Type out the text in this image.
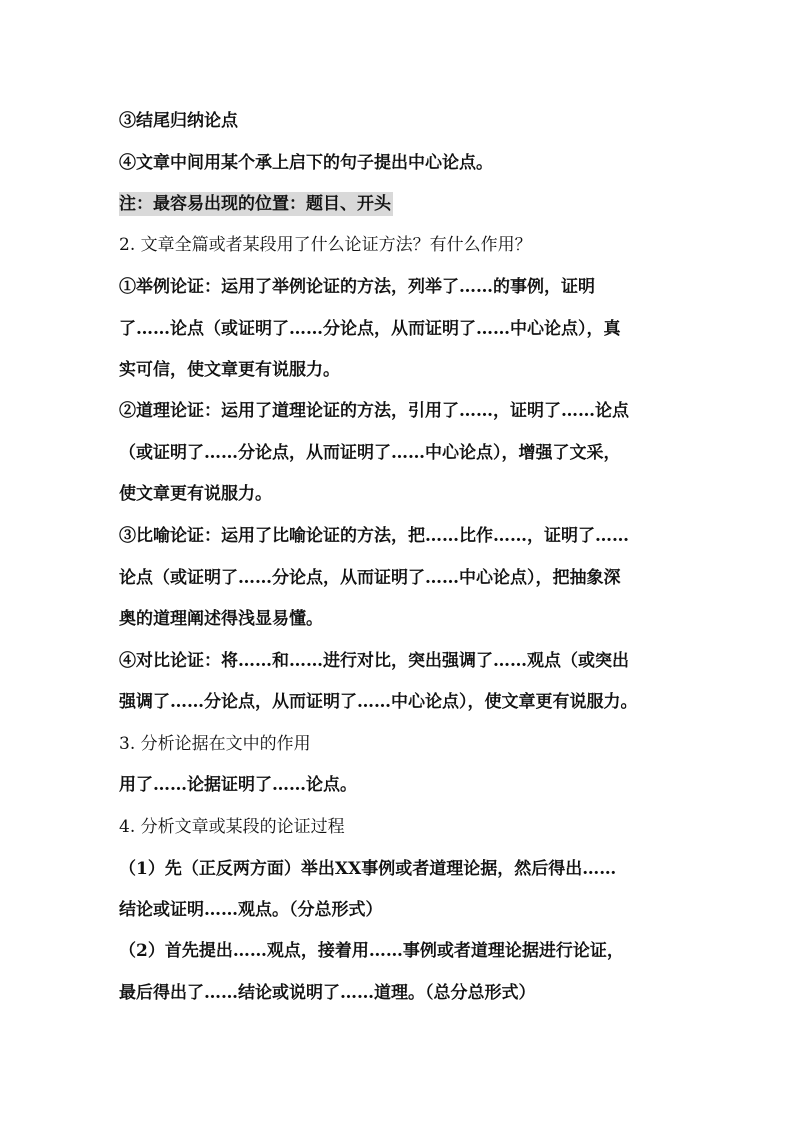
③结尾归纳论点
④文章中间用某个承上启下的句子提出中心论点。
注：最容易出现的位置：题目、开头
2. 文章全篇或者某段用了什么论证方法？有什么作用？
①举例论证：运用了举例论证的方法，列举了……的事例，证明
了……论点（或证明了……分论点，从而证明了……中心论点），真
实可信，使文章更有说服力。
②道理论证：运用了道理论证的方法，引用了……，证明了……论点
（或证明了……分论点，从而证明了……中心论点），增强了文采，
使文章更有说服力。
③比喻论证：运用了比喻论证的方法，把……比作……，证明了……
论点（或证明了……分论点，从而证明了……中心论点），把抽象深
奥的道理阐述得浅显易懂。
④对比论证：将……和……进行对比，突出强调了……观点（或突出
强调了……分论点，从而证明了……中心论点），使文章更有说服力。
3. 分析论据在文中的作用
用了……论据证明了……论点。
4. 分析文章或某段的论证过程
（1）先（正反两方面）举出XX事例或者道理论据，然后得出……
结论或证明……观点。（分总形式）
（2）首先提出……观点，接着用……事例或者道理论据进行论证，
最后得出了……结论或说明了……道理。（总分总形式）
